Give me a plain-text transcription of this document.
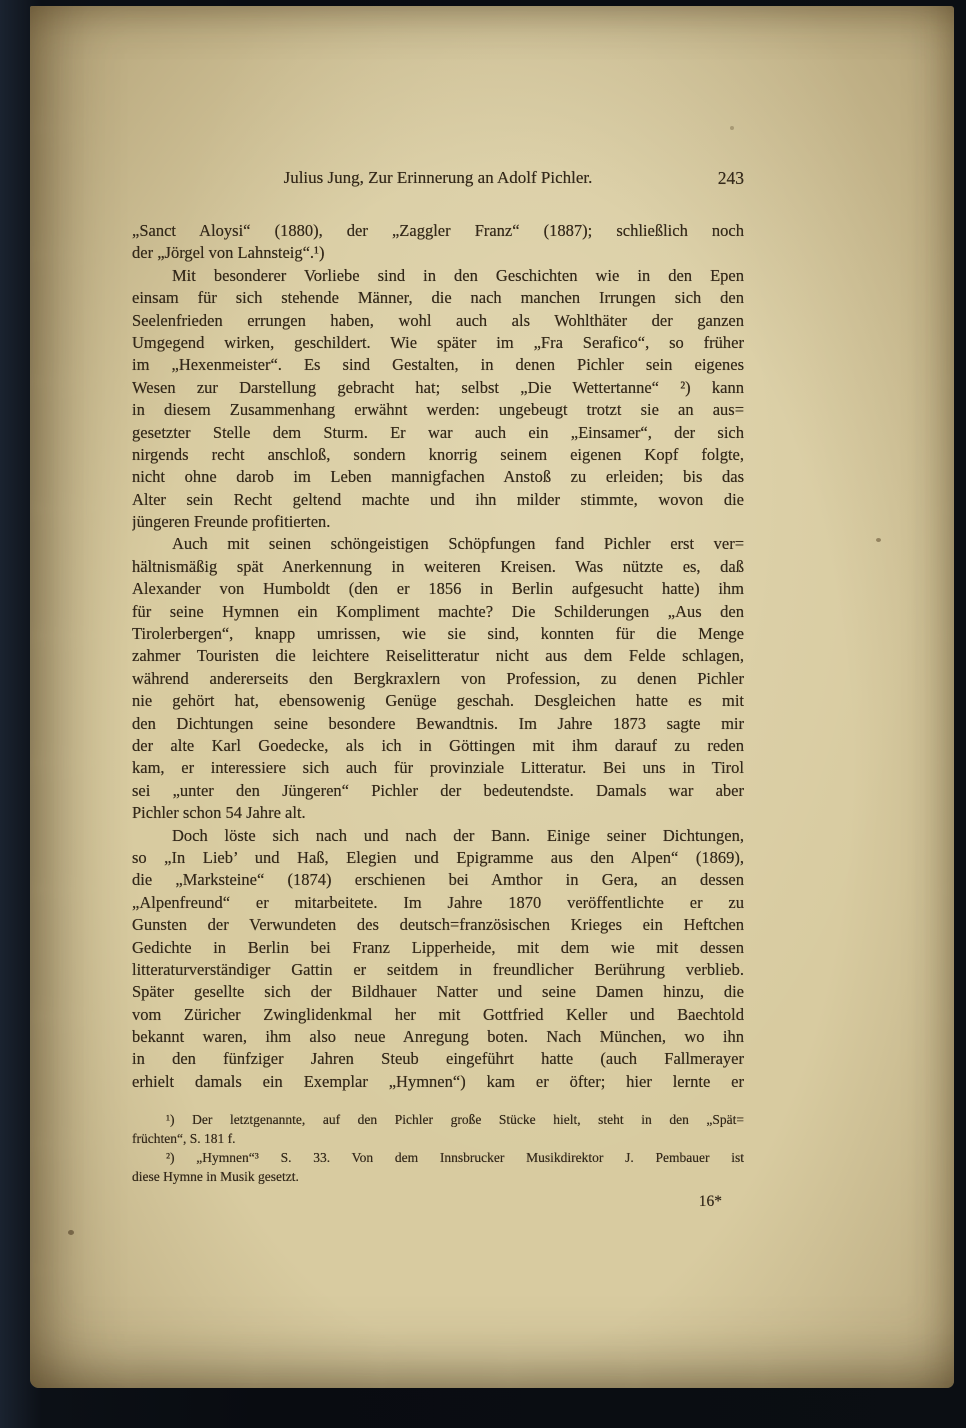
Julius Jung, Zur Erinnerung an Adolf Pichler.	243
„Sanct Aloysi“ (1880), der „Zaggler Franz“ (1887); schließlich noch
der „Jörgel von Lahnsteig“.¹)
Mit besonderer Vorliebe sind in den Geschichten wie in den Epen
einsam für sich stehende Männer, die nach manchen Irrungen sich den
Seelenfrieden errungen haben, wohl auch als Wohlthäter der ganzen
Umgegend wirken, geschildert. Wie später im „Fra Serafico“, so früher
im „Hexenmeister“. Es sind Gestalten, in denen Pichler sein eigenes
Wesen zur Darstellung gebracht hat; selbst „Die Wettertanne“ ²) kann
in diesem Zusammenhang erwähnt werden: ungebeugt trotzt sie an aus=
gesetzter Stelle dem Sturm. Er war auch ein „Einsamer“, der sich
nirgends recht anschloß, sondern knorrig seinem eigenen Kopf folgte,
nicht ohne darob im Leben mannigfachen Anstoß zu erleiden; bis das
Alter sein Recht geltend machte und ihn milder stimmte, wovon die
jüngeren Freunde profitierten.
Auch mit seinen schöngeistigen Schöpfungen fand Pichler erst ver=
hältnismäßig spät Anerkennung in weiteren Kreisen. Was nützte es, daß
Alexander von Humboldt (den er 1856 in Berlin aufgesucht hatte) ihm
für seine Hymnen ein Kompliment machte? Die Schilderungen „Aus den
Tirolerbergen“, knapp umrissen, wie sie sind, konnten für die Menge
zahmer Touristen die leichtere Reiselitteratur nicht aus dem Felde schlagen,
während andererseits den Bergkraxlern von Profession, zu denen Pichler
nie gehört hat, ebensowenig Genüge geschah. Desgleichen hatte es mit
den Dichtungen seine besondere Bewandtnis. Im Jahre 1873 sagte mir
der alte Karl Goedecke, als ich in Göttingen mit ihm darauf zu reden
kam, er interessiere sich auch für provinziale Litteratur. Bei uns in Tirol
sei „unter den Jüngeren“ Pichler der bedeutendste. Damals war aber
Pichler schon 54 Jahre alt.
Doch löste sich nach und nach der Bann. Einige seiner Dichtungen,
so „In Lieb’ und Haß, Elegien und Epigramme aus den Alpen“ (1869),
die „Marksteine“ (1874) erschienen bei Amthor in Gera, an dessen
„Alpenfreund“ er mitarbeitete. Im Jahre 1870 veröffentlichte er zu
Gunsten der Verwundeten des deutsch=französischen Krieges ein Heftchen
Gedichte in Berlin bei Franz Lipperheide, mit dem wie mit dessen
litteraturverständiger Gattin er seitdem in freundlicher Berührung verblieb.
Später gesellte sich der Bildhauer Natter und seine Damen hinzu, die
vom Züricher Zwinglidenkmal her mit Gottfried Keller und Baechtold
bekannt waren, ihm also neue Anregung boten. Nach München, wo ihn
in den fünfziger Jahren Steub eingeführt hatte (auch Fallmerayer
erhielt damals ein Exemplar „Hymnen“) kam er öfter; hier lernte er
¹) Der letztgenannte, auf den Pichler große Stücke hielt, steht in den „Spät=
früchten“, S. 181 f.
²) „Hymnen“³ S. 33. Von dem Innsbrucker Musikdirektor J. Pembauer ist
diese Hymne in Musik gesetzt.
16*
